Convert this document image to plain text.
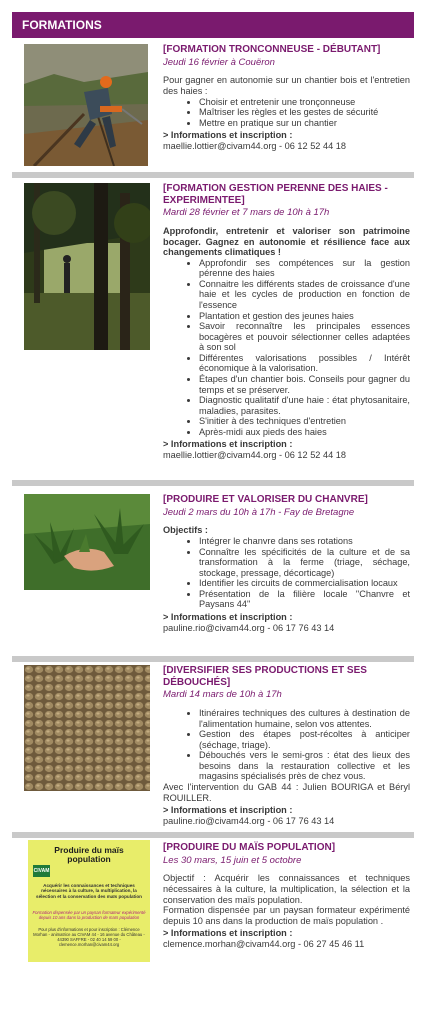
FORMATIONS
[FORMATION TRONCONNEUSE - DÉBUTANT]
Jeudi 16 février à Couëron

Pour gagner en autonomie sur un chantier bois et l'entretien des haies :

• Choisir et entretenir une tronçonneuse
• Maîtriser les règles et les gestes de sécurité
• Mettre en pratique sur un chantier

> Informations et inscription :

maellie.lottier@civam44.org - 06 12 52 44 18

[FORMATION GESTION PERENNE DES HAIES - EXPERIMENTEE]
Mardi 28 février et 7 mars de 10h à 17h

Approfondir, entretenir et valoriser son patrimoine bocager. Gagnez en autonomie et résilience face aux changements climatiques !

• Approfondir ses compétences sur la gestion pérenne des haies
• Connaitre les différents stades de croissance d'une haie et les cycles de production en fonction de l'essence
• Plantation et gestion des jeunes haies
• Savoir reconnaître les principales essences bocagères et pouvoir sélectionner celles adaptées à son sol
• Différentes valorisations possibles / Intérêt économique à la valorisation.
• Étapes d'un chantier bois. Conseils pour gagner du temps et se préserver.
• Diagnostic qualitatif d'une haie : état phytosanitaire, maladies, parasites.
• S'initier à des techniques d'entretien
• Après-midi aux pieds des haies

> Informations et inscription :

maellie.lottier@civam44.org - 06 12 52 44 18

[PRODUIRE ET VALORISER DU CHANVRE]
Jeudi 2 mars du 10h à 17h - Fay de Bretagne

Objectifs :

• Intégrer le chanvre dans ses rotations
• Connaître les spécificités de la culture et de sa transformation à la ferme (triage, séchage, stockage, pressage, décorticage)
• Identifier les circuits de commercialisation locaux
• Présentation de la filière locale "Chanvre et Paysans 44"

> Informations et inscription :

pauline.rio@civam44.org - 06 17 76 43 14

[DIVERSIFIER SES PRODUCTIONS ET SES DÉBOUCHÉS]
Mardi 14 mars de 10h à 17h
• Itinéraires techniques des cultures à destination de l'alimentation humaine, selon vos attentes.
• Gestion des étapes post-récoltes à anticiper (séchage, triage).
• Débouchés vers le semi-gros : état des lieux des besoins dans la restauration collective et les magasins spécialisés près de chez vous.

Avec l'intervention du GAB 44 : Julien BOURIGA et Béryl ROUILLER.

> Informations et inscription :

pauline.rio@civam44.org - 06 17 76 43 14

CIVAM
Produire du maïs population
Acquérir les connaissances et techniques nécessaires à la culture, la multiplication, la sélection et la conservation des maïs population
Formation dispensée par un paysan formateur expérimenté depuis 10 ans dans la production de maïs population
Pour plus d'informations et pour inscription : Clémence Morhan - animatrice au CIVAM 44 - 16 avenue du Château - 44390 SAFFRE - 02 40 14 59 00 - clemence.morhan@civam44.org
[PRODUIRE DU MAÏS POPULATION]
Les 30 mars, 15 juin et 5 octobre

Objectif : Acquérir les connaissances et techniques nécessaires à la culture, la multiplication, la sélection et la conservation des maïs population.

Formation dispensée par un paysan formateur expérimenté depuis 10 ans dans la production de maïs population .

> Informations et inscription :

clemence.morhan@civam44.org - 06 27 45 46 11
